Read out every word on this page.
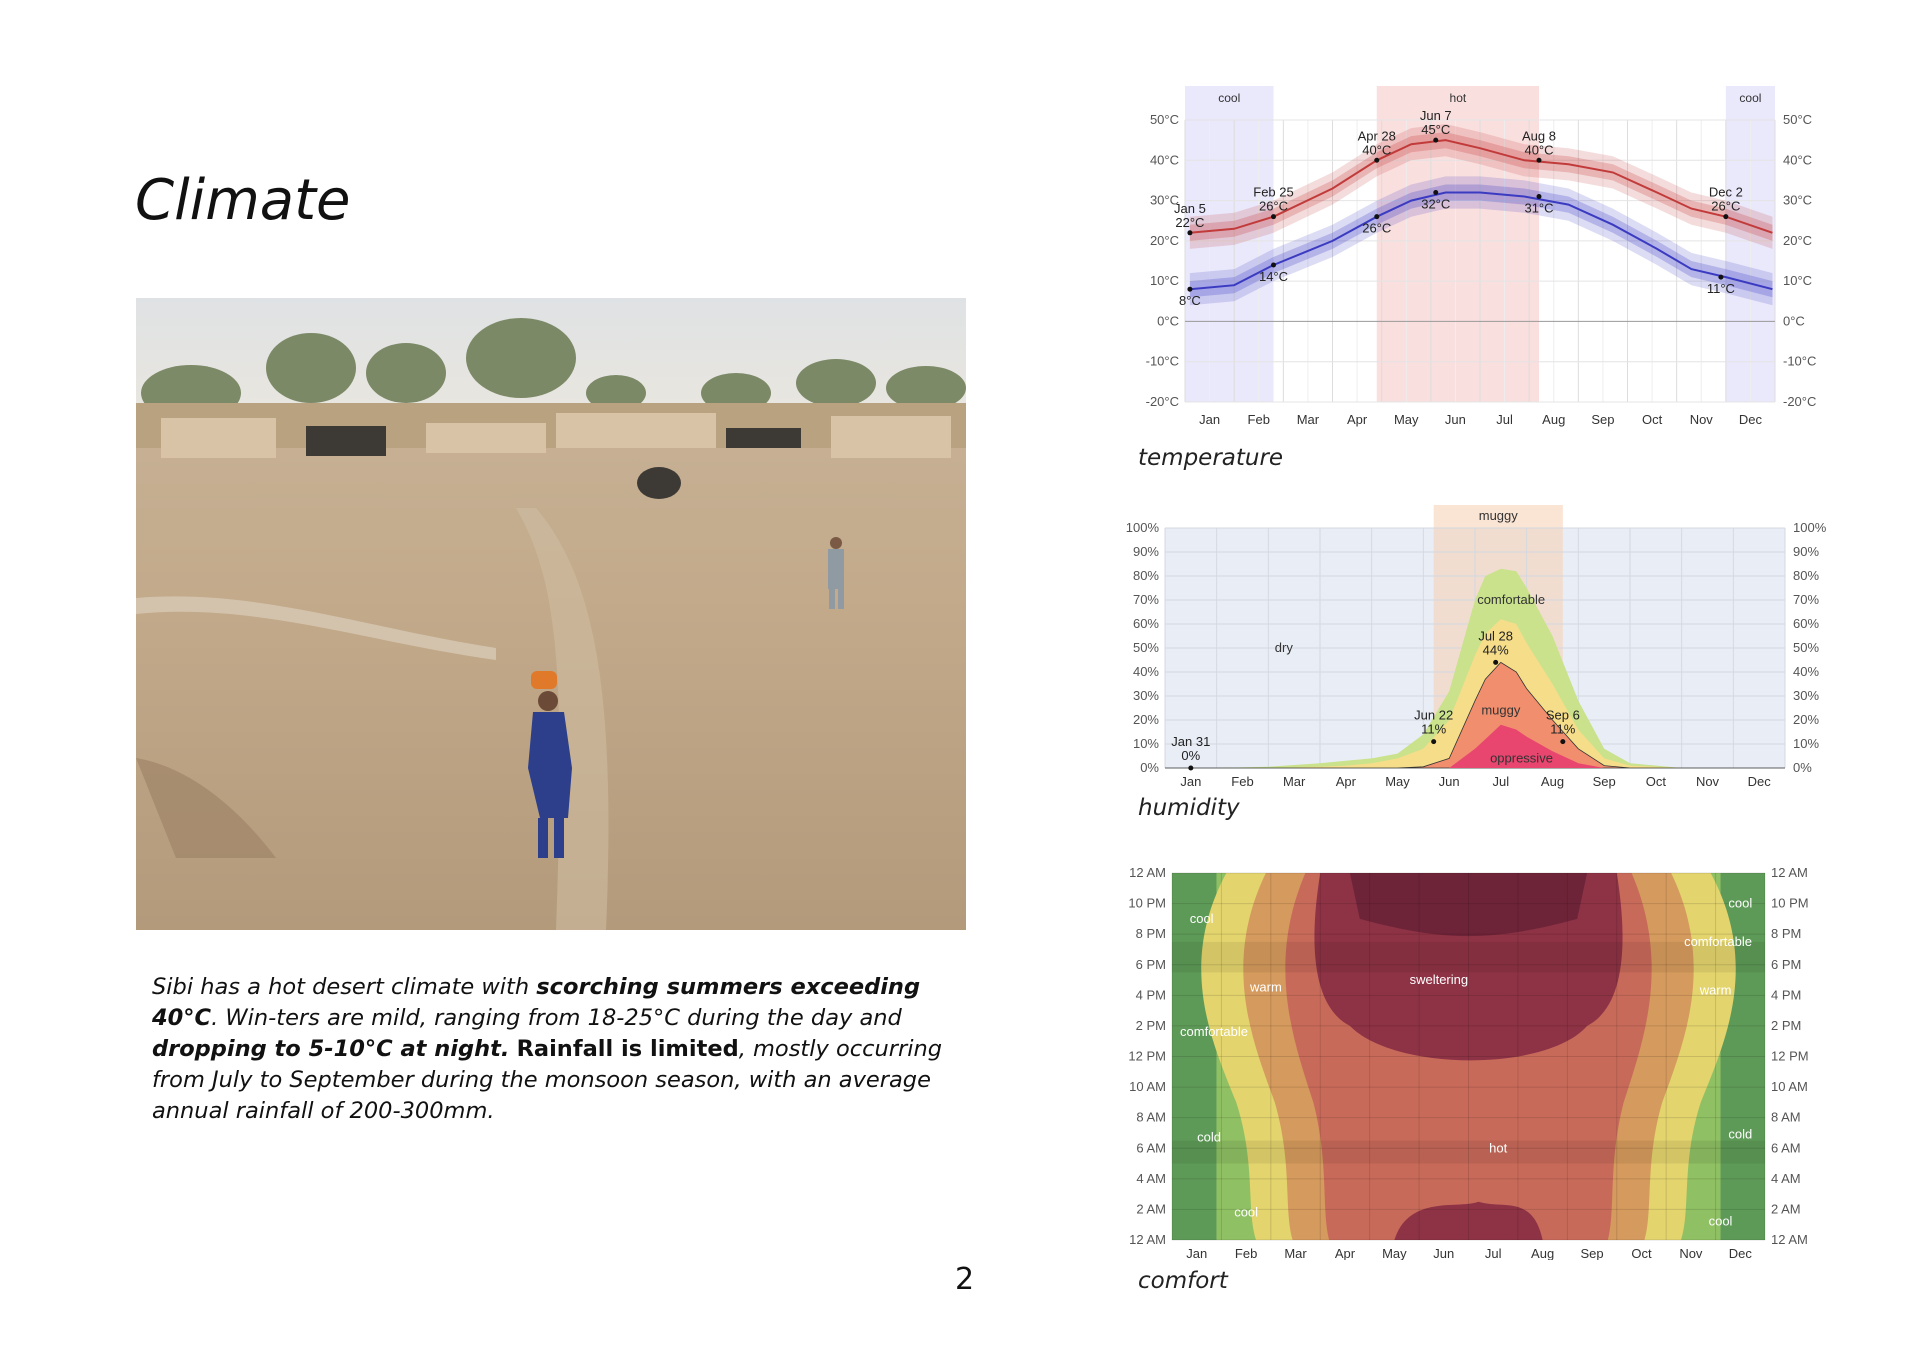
Climate
Sibi has a hot desert climate with scorching summers exceeding 40°C. Win-ters are mild, ranging from 18-25°C during the day and dropping to 5-10°C at night. Rainfall is limited, mostly occurring from July to September during the monsoon season, with an average annual rainfall of 200-300mm.
2
cool	hot	cool
50°C	50°C
40°C	40°C
30°C	30°C
20°C	20°C
10°C	10°C
0°C	0°C
-10°C	-10°C
-20°C	-20°C
Jan Feb Mar Apr May Jun Jul Aug Sep Oct Nov Dec
Jan 5
22°C
Feb 25
26°C
Apr 28
40°C
Jun 7
45°C	Aug 8
40°C
Dec 2
26°C
8°C
14°C
26°C
32°C	31°C
11°C
temperature
muggy
100%	100%
90%	90%
80%	80%
70%	70%
60%	60%
50%	50%
40%	40%
30%	30%
20%	20%
10%	10%
0%	0%
Jan Feb Mar Apr May Jun	Jul Aug Sep Oct Nov Dec
dry
comfortable
muggy
oppressive
Jan 31
0%
Jun 22
11%
Jul 28
44%
Sep 6
11%
humidity
12 AM	12 AM
10 PM	10 PM
8 PM	8 PM
6 PM	6 PM
4 PM	4 PM
2 PM	2 PM
12 PM	12 PM
10 AM	10 AM
8 AM	8 AM
6 AM	6 AM
4 AM	4 AM
2 AM	2 AM
12 AM	12 AM
Jan Feb Mar Apr May Jun Jul Aug Sep Oct Nov Dec
cool
cool
comfortable
warm
sweltering
warm
comfortable
cold
hot
cold
cool
cool
comfort
